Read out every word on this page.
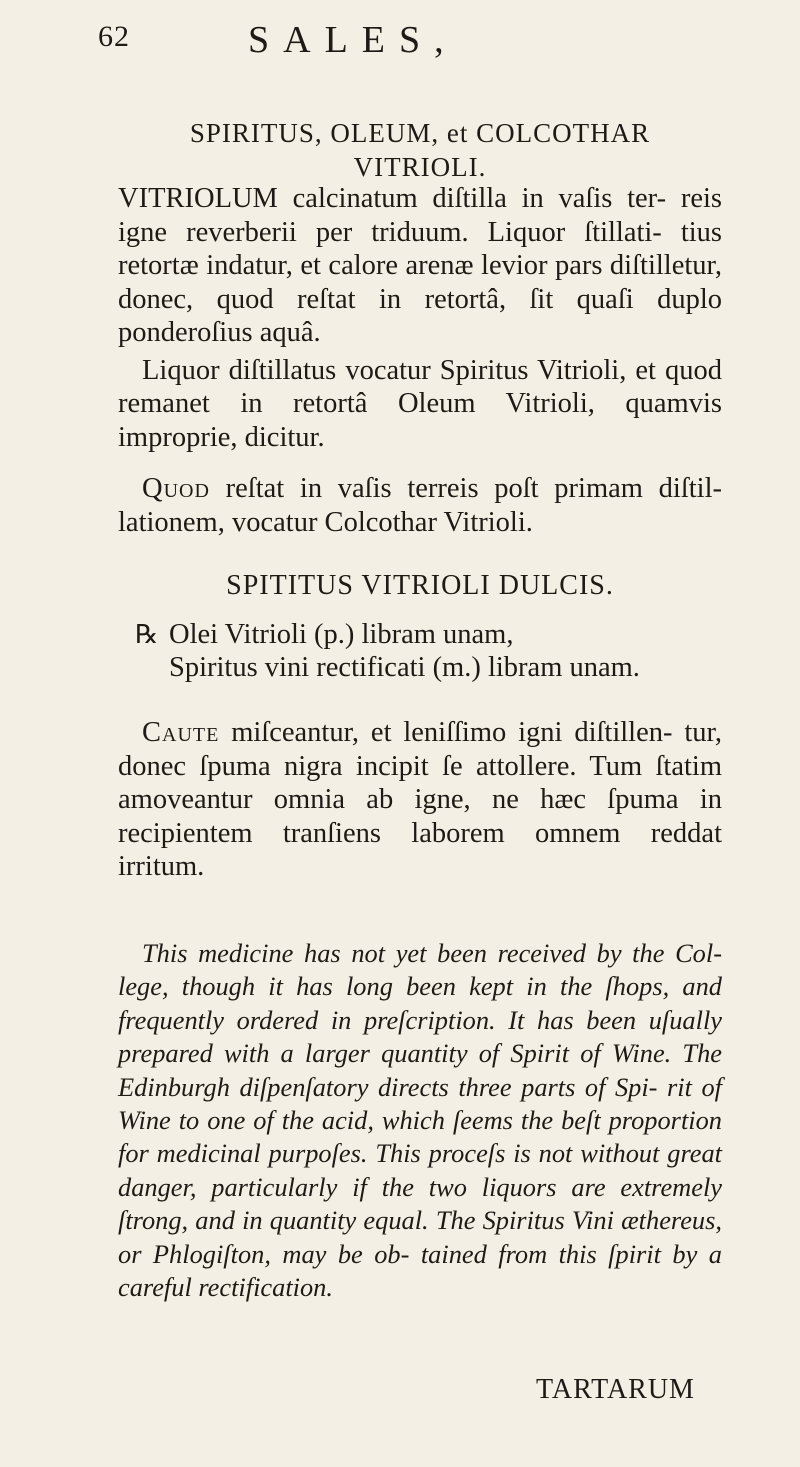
62	SALES,
SPIRITUS, OLEUM, et COLCOTHAR
VITRIOLI.

VITRIOLUM calcinatum diſtilla in vaſis ter- reis igne reverberii per triduum. Liquor ſtillati- tius retortæ indatur, et calore arenæ levior pars diſtilletur, donec, quod reſtat in retortâ, ſit quaſi duplo ponderoſius aquâ.

Liquor diſtillatus vocatur Spiritus Vitrioli, et quod remanet in retortâ Oleum Vitrioli, quamvis improprie, dicitur.

Quod reſtat in vaſis terreis poſt primam diſtil- lationem, vocatur Colcothar Vitrioli.

SPITITUS VITRIOLI DULCIS.
℞ Olei Vitrioli (p.) libram unam,
Spiritus vini rectificati (m.) libram unam.

Caute miſceantur, et leniſſimo igni diſtillen- tur, donec ſpuma nigra incipit ſe attollere. Tum ſtatim amoveantur omnia ab igne, ne hæc ſpuma in recipientem tranſiens laborem omnem reddat irritum.

This medicine has not yet been received by the Col- lege, though it has long been kept in the ſhops, and frequently ordered in preſcription. It has been uſually prepared with a larger quantity of Spirit of Wine. The Edinburgh diſpenſatory directs three parts of Spi- rit of Wine to one of the acid, which ſeems the beſt proportion for medicinal purpoſes. This proceſs is not without great danger, particularly if the two liquors are extremely ſtrong, and in quantity equal. The Spiritus Vini æthereus, or Phlogiſton, may be ob- tained from this ſpirit by a careful rectification.

TARTARUM
